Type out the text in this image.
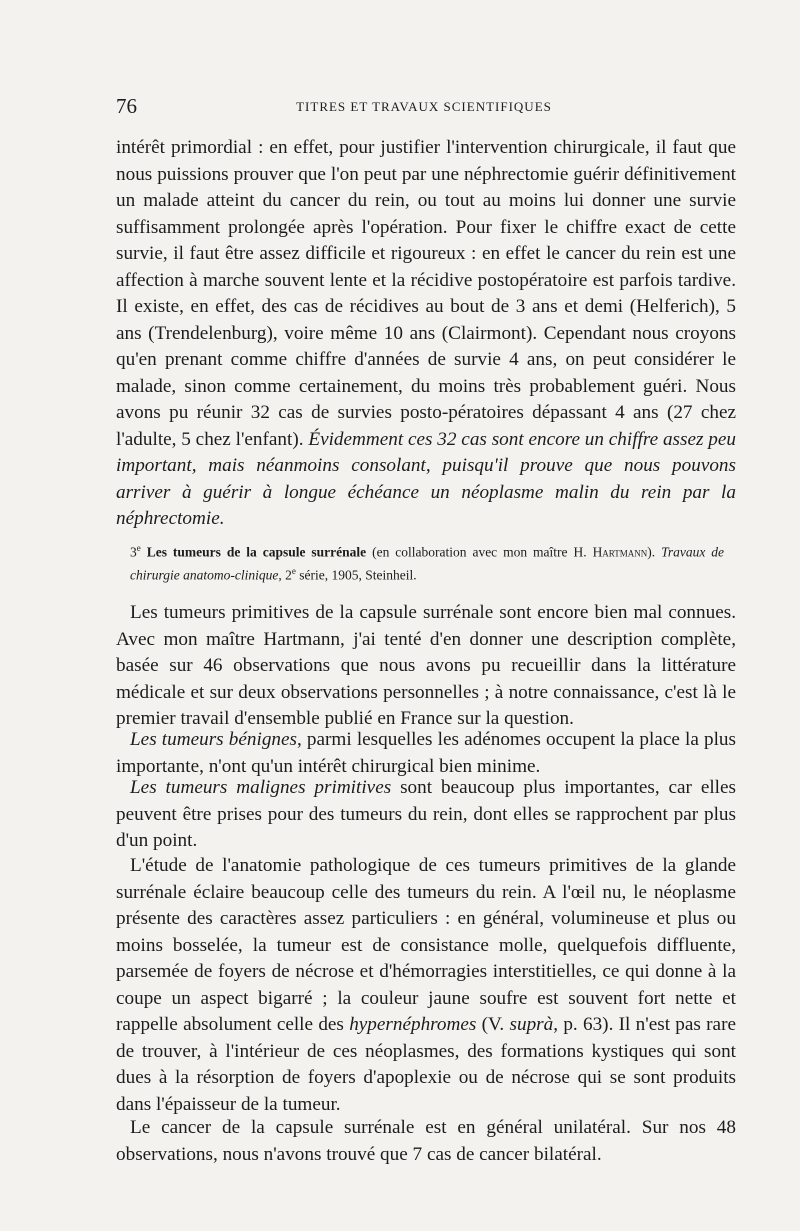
76	TITRES ET TRAVAUX SCIENTIFIQUES

intérêt primordial : en effet, pour justifier l'intervention chirurgicale, il faut que nous puissions prouver que l'on peut par une néphrectomie guérir définitivement un malade atteint du cancer du rein, ou tout au moins lui donner une survie suffisamment prolongée après l'opération. Pour fixer le chiffre exact de cette survie, il faut être assez difficile et rigoureux : en effet le cancer du rein est une affection à marche souvent lente et la récidive postopératoire est parfois tardive. Il existe, en effet, des cas de récidives au bout de 3 ans et demi (Helferich), 5 ans (Trendelenburg), voire même 10 ans (Clairmont). Cependant nous croyons qu'en prenant comme chiffre d'années de survie 4 ans, on peut considérer le malade, sinon comme certainement, du moins très probablement guéri. Nous avons pu réunir 32 cas de survies posto-pératoires dépassant 4 ans (27 chez l'adulte, 5 chez l'enfant). Évidemment ces 32 cas sont encore un chiffre assez peu important, mais néanmoins consolant, puisqu'il prouve que nous pouvons arriver à guérir à longue échéance un néoplasme malin du rein par la néphrectomie.

3e Les tumeurs de la capsule surrénale (en collaboration avec mon maître H. Hartmann). Travaux de chirurgie anatomo-clinique, 2e série, 1905, Steinheil.

Les tumeurs primitives de la capsule surrénale sont encore bien mal connues. Avec mon maître Hartmann, j'ai tenté d'en donner une description complète, basée sur 46 observations que nous avons pu recueillir dans la littérature médicale et sur deux observations personnelles ; à notre connaissance, c'est là le premier travail d'ensemble publié en France sur la question.

Les tumeurs bénignes, parmi lesquelles les adénomes occupent la place la plus importante, n'ont qu'un intérêt chirurgical bien minime.

Les tumeurs malignes primitives sont beaucoup plus importantes, car elles peuvent être prises pour des tumeurs du rein, dont elles se rapprochent par plus d'un point.

L'étude de l'anatomie pathologique de ces tumeurs primitives de la glande surrénale éclaire beaucoup celle des tumeurs du rein. A l'œil nu, le néoplasme présente des caractères assez particuliers : en général, volumineuse et plus ou moins bosselée, la tumeur est de consistance molle, quelquefois diffluente, parsemée de foyers de nécrose et d'hémorragies interstitielles, ce qui donne à la coupe un aspect bigarré ; la couleur jaune soufre est souvent fort nette et rappelle absolument celle des hypernéphromes (V. suprà, p. 63). Il n'est pas rare de trouver, à l'intérieur de ces néoplasmes, des formations kystiques qui sont dues à la résorption de foyers d'apoplexie ou de nécrose qui se sont produits dans l'épaisseur de la tumeur.

Le cancer de la capsule surrénale est en général unilatéral. Sur nos 48 observations, nous n'avons trouvé que 7 cas de cancer bilatéral.
